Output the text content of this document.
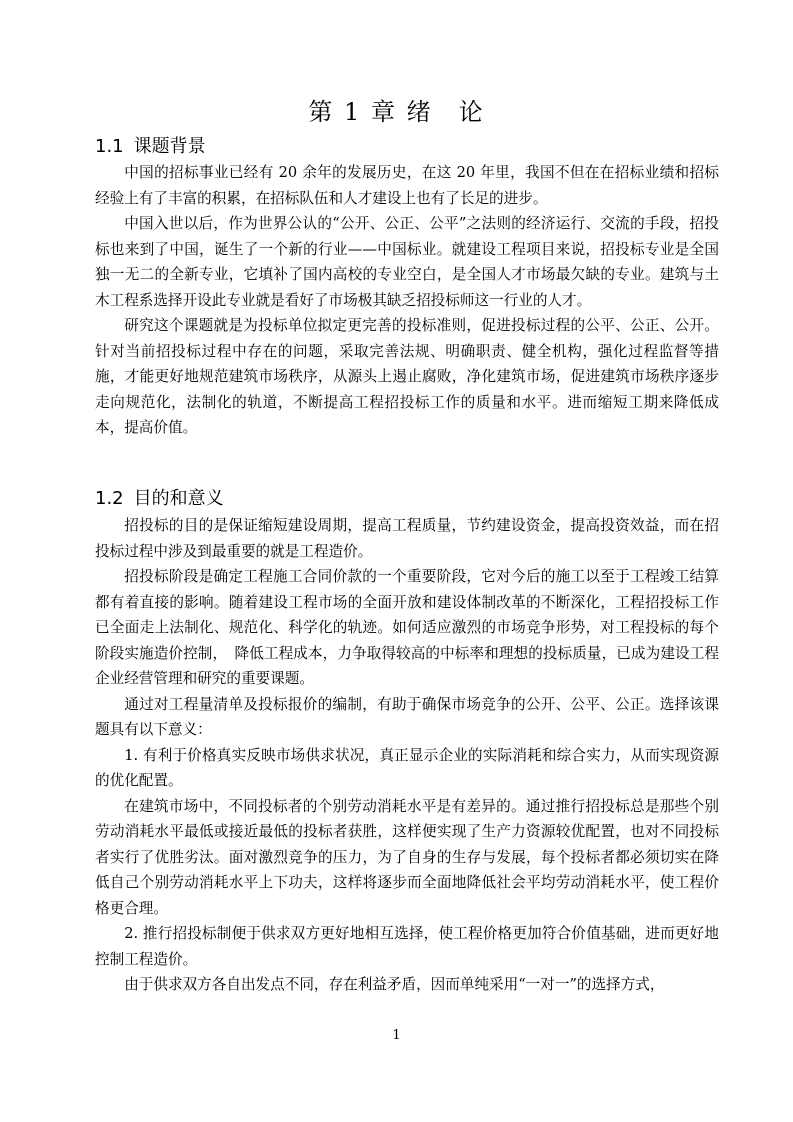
第 1 章 绪　论
1.1 课题背景

中国的招标事业已经有 20 余年的发展历史，在这 20 年里，我国不但在在招标业绩和招标经验上有了丰富的积累，在招标队伍和人才建设上也有了长足的进步。

中国入世以后，作为世界公认的“公开、公正、公平”之法则的经济运行、交流的手段，招投标也来到了中国，诞生了一个新的行业——中国标业。就建设工程项目来说，招投标专业是全国独一无二的全新专业，它填补了国内高校的专业空白，是全国人才市场最欠缺的专业。建筑与土木工程系选择开设此专业就是看好了市场极其缺乏招投标师这一行业的人才。

研究这个课题就是为投标单位拟定更完善的投标准则，促进投标过程的公平、公正、公开。针对当前招投标过程中存在的问题，采取完善法规、明确职责、健全机构，强化过程监督等措施，才能更好地规范建筑市场秩序，从源头上遏止腐败，净化建筑市场，促进建筑市场秩序逐步走向规范化，法制化的轨道，不断提高工程招投标工作的质量和水平。进而缩短工期来降低成本，提高价值。

1.2 目的和意义

招投标的目的是保证缩短建设周期，提高工程质量，节约建设资金，提高投资效益，而在招投标过程中涉及到最重要的就是工程造价。

招投标阶段是确定工程施工合同价款的一个重要阶段，它对今后的施工以至于工程竣工结算都有着直接的影响。随着建设工程市场的全面开放和建设体制改革的不断深化，工程招投标工作已全面走上法制化、规范化、科学化的轨迹。如何适应激烈的市场竞争形势，对工程投标的每个阶段实施造价控制，　降低工程成本，力争取得较高的中标率和理想的投标质量，已成为建设工程企业经营管理和研究的重要课题。

通过对工程量清单及投标报价的编制，有助于确保市场竞争的公开、公平、公正。选择该课题具有以下意义：

1. 有利于价格真实反映市场供求状况，真正显示企业的实际消耗和综合实力，从而实现资源的优化配置。

在建筑市场中，不同投标者的个别劳动消耗水平是有差异的。通过推行招投标总是那些个别劳动消耗水平最低或接近最低的投标者获胜，这样便实现了生产力资源较优配置，也对不同投标者实行了优胜劣汰。面对激烈竞争的压力，为了自身的生存与发展，每个投标者都必须切实在降低自己个别劳动消耗水平上下功夫，这样将逐步而全面地降低社会平均劳动消耗水平，使工程价格更合理。

2. 推行招投标制便于供求双方更好地相互选择，使工程价格更加符合价值基础，进而更好地控制工程造价。

由于供求双方各自出发点不同，存在利益矛盾，因而单纯采用“一对一”的选择方式，

1
